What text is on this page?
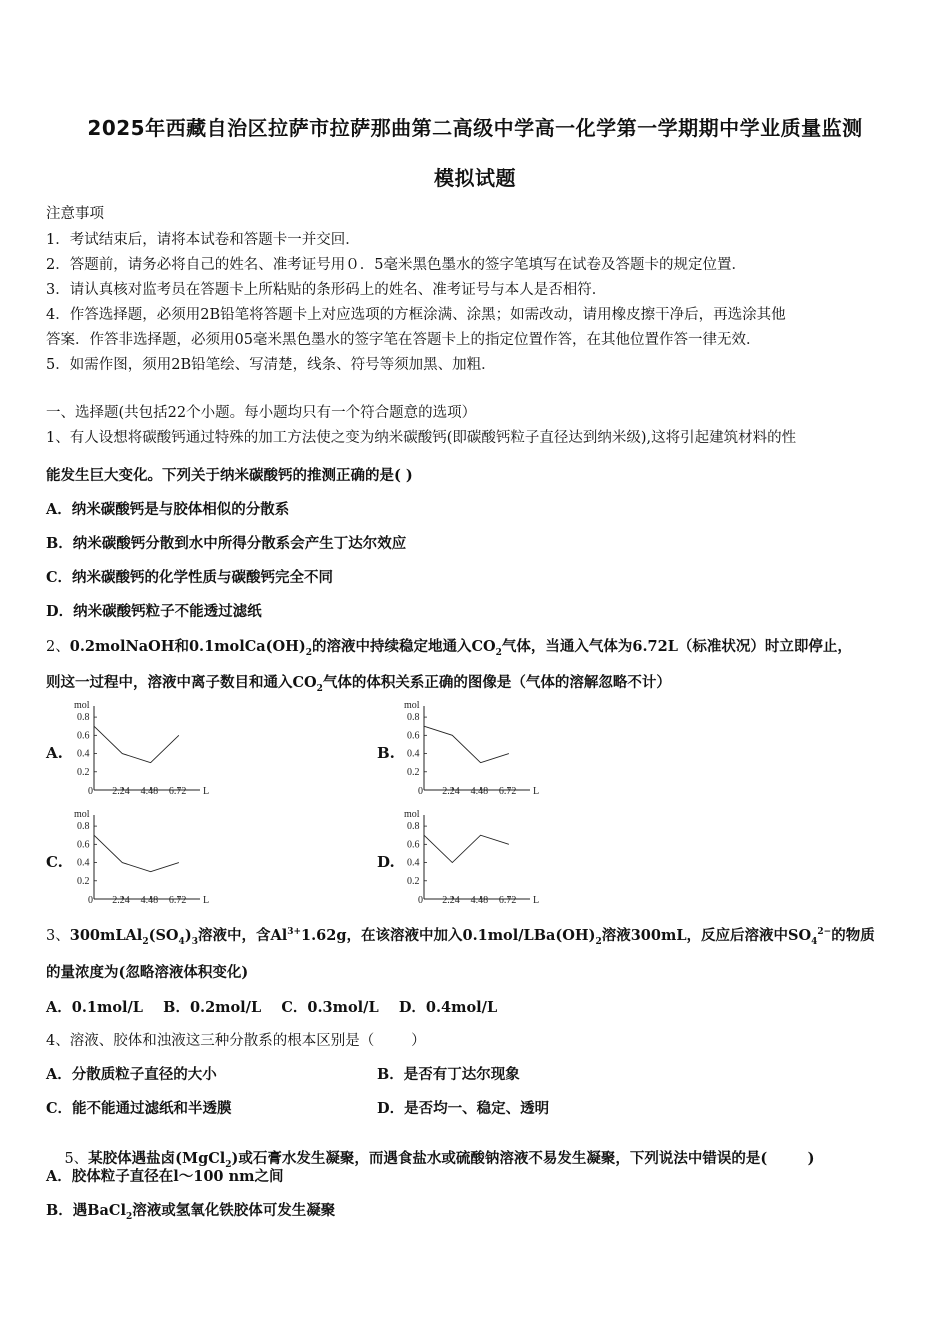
2025年西藏自治区拉萨市拉萨那曲第二高级中学高一化学第一学期期中学业质量监测
模拟试题
注意事项
1．考试结束后，请将本试卷和答题卡一并交回．
2．答题前，请务必将自己的姓名、准考证号用０．5毫米黑色墨水的签字笔填写在试卷及答题卡的规定位置．
3．请认真核对监考员在答题卡上所粘贴的条形码上的姓名、准考证号与本人是否相符．
4．作答选择题，必须用2B铅笔将答题卡上对应选项的方框涂满、涂黑；如需改动，请用橡皮擦干净后，再选涂其他
答案．作答非选择题，必须用05毫米黑色墨水的签字笔在答题卡上的指定位置作答，在其他位置作答一律无效．
5．如需作图，须用2B铅笔绘、写清楚，线条、符号等须加黑、加粗．
一、选择题(共包括22个小题。每小题均只有一个符合题意的选项）
1、有人设想将碳酸钙通过特殊的加工方法使之变为纳米碳酸钙(即碳酸钙粒子直径达到纳米级),这将引起建筑材料的性
能发生巨大变化。下列关于纳米碳酸钙的推测正确的是( )
A．纳米碳酸钙是与胶体相似的分散系
B．纳米碳酸钙分散到水中所得分散系会产生丁达尔效应
C．纳米碳酸钙的化学性质与碳酸钙完全不同
D．纳米碳酸钙粒子不能透过滤纸
2、0.2molNaOH和$0.1molCa(OH)_2$的溶液中持续稳定地通入$CO_2$气体，当通入气体为6.72L（标准状况）时立即停止，
则这一过程中，溶液中离子数目和通入$CO_2$气体的体积关系正确的图像是（气体的溶解忽略不计）
A.	B.
C.	D.
mol
L
0
0.8
0.6
0.4
0.2
2.24 4.48 6.72
mol
L
0
0.8
0.6
0.4
0.2
2.24 4.48 6.72
mol
L
0
0.8
0.6
0.4
0.2
2.24 4.48 6.72
mol
L
0
0.8
0.6
0.4
0.2
2.24 4.48 6.72
3、$300mLAl_2(SO_4)_3$溶液中，含$Al^{3+}1.62g$，在该溶液中加入$0.1mol/LBa(OH)_2$溶液300mL，反应后溶液中$SO_4^{2-}$的物质
的量浓度为(忽略溶液体积变化)
A．0.1mol/L    B．0.2mol/L    C．0.3mol/L    D．0.4mol/L
4、溶液、胶体和浊液这三种分散系的根本区别是（        ）
A．分散质粒子直径的大小	B．是否有丁达尔现象
C．能不能通过滤纸和半透膜	D．是否均一、稳定、透明

5、某胶体遇盐卤(MgCl$_2$)或石膏水发生凝聚，而遇食盐水或硫酸钠溶液不易发生凝聚，下列说法中错误的是(        )

A．胶体粒子直径在l～100 nm之间
B．遇BaCl$_2$溶液或氢氧化铁胶体可发生凝聚
